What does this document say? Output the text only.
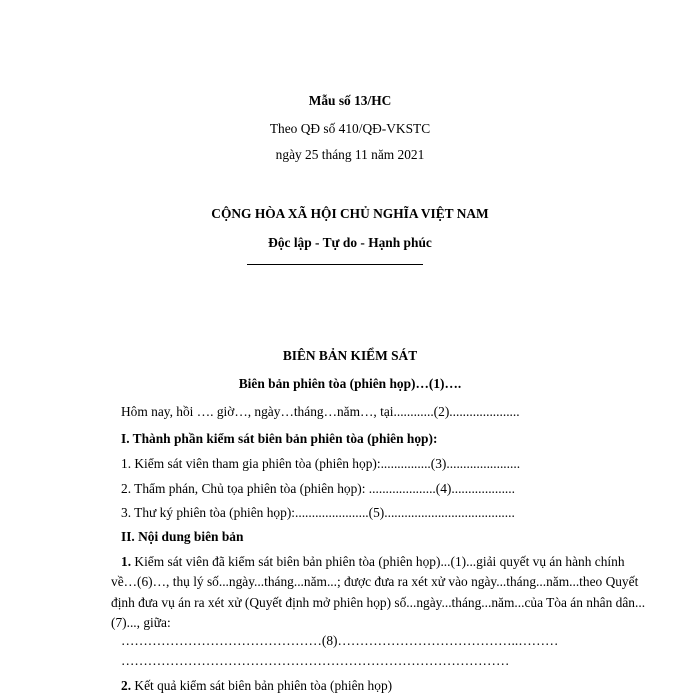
Mẫu số 13/HC
Theo QĐ số 410/QĐ-VKSTC
ngày 25 tháng 11 năm 2021
CỘNG HÒA XÃ HỘI CHỦ NGHĨA VIỆT NAM
Độc lập - Tự do - Hạnh phúc
BIÊN BẢN KIỂM SÁT
Biên bản phiên tòa (phiên họp)…(1)….
Hôm nay, hồi …. giờ…, ngày…tháng…năm…, tại............(2).....................
I. Thành phần kiểm sát biên bản phiên tòa (phiên họp):
1. Kiểm sát viên tham gia phiên tòa (phiên họp):...............(3)......................
2. Thẩm phán, Chủ tọa phiên tòa (phiên họp): ....................(4)...................
3. Thư ký phiên tòa (phiên họp):......................(5).......................................
II. Nội dung biên bản
1. Kiểm sát viên đã kiểm sát biên bản phiên tòa (phiên họp)...(1)...giải quyết vụ án hành chính
về…(6)…, thụ lý số...ngày...tháng...năm...; được đưa ra xét xử vào ngày...tháng...năm...theo Quyết
định đưa vụ án ra xét xử (Quyết định mở phiên họp) số...ngày...tháng...năm...của Tòa án nhân dân...
(7)..., giữa:
………………………………………(8)…………………………………..………
……………………………………………………………………………
2. Kết quả kiểm sát biên bản phiên tòa (phiên họp)
